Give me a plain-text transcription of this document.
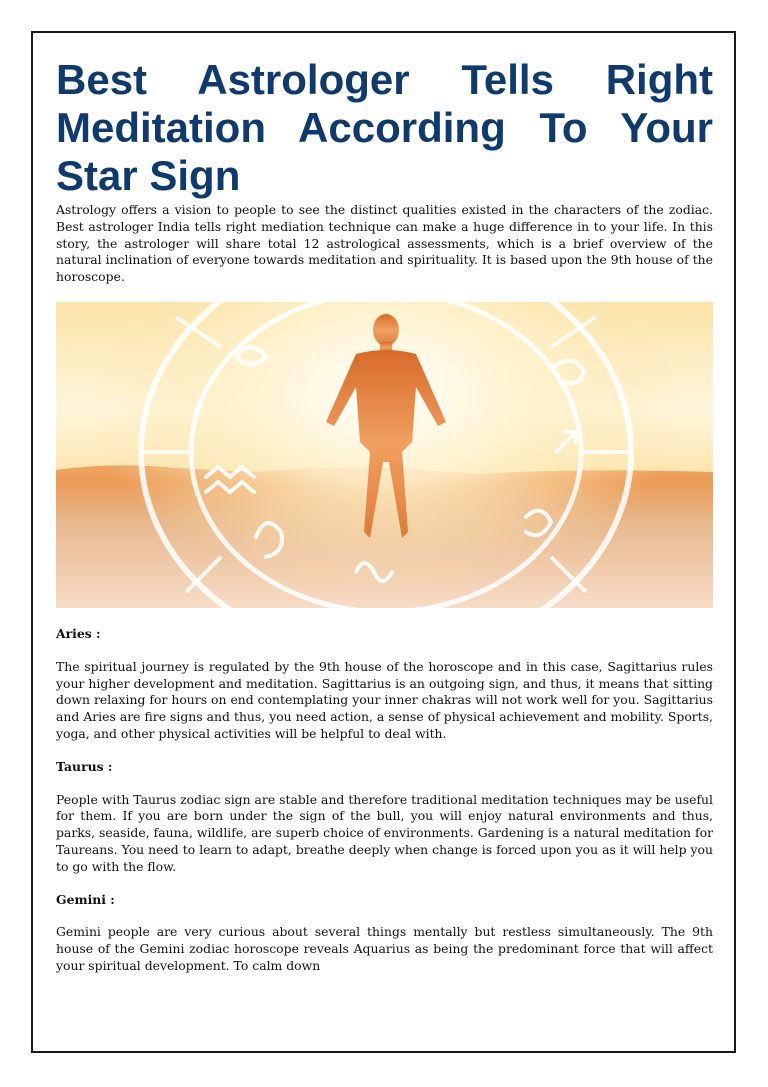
Best Astrologer Tells Right Meditation According To Your Star Sign

Astrology offers a vision to people to see the distinct qualities existed in the characters of the zodiac. Best astrologer India tells right mediation technique can make a huge difference in to your life. In this story, the astrologer will share total 12 astrological assessments, which is a brief overview of the natural inclination of everyone towards meditation and spirituality. It is based upon the 9th house of the horoscope.

Aries :

The spiritual journey is regulated by the 9th house of the horoscope and in this case, Sagittarius rules your higher development and meditation. Sagittarius is an outgoing sign, and thus, it means that sitting down relaxing for hours on end contemplating your inner chakras will not work well for you. Sagittarius and Aries are fire signs and thus, you need action, a sense of physical achievement and mobility. Sports, yoga, and other physical activities will be helpful to deal with.

Taurus :

People with Taurus zodiac sign are stable and therefore traditional meditation techniques may be useful for them. If you are born under the sign of the bull, you will enjoy natural environments and thus, parks, seaside, fauna, wildlife, are superb choice of environments. Gardening is a natural meditation for Taureans. You need to learn to adapt, breathe deeply when change is forced upon you as it will help you to go with the flow.

Gemini :

Gemini people are very curious about several things mentally but restless simultaneously. The 9th house of the Gemini zodiac horoscope reveals Aquarius as being the predominant force that will affect your spiritual development. To calm down
